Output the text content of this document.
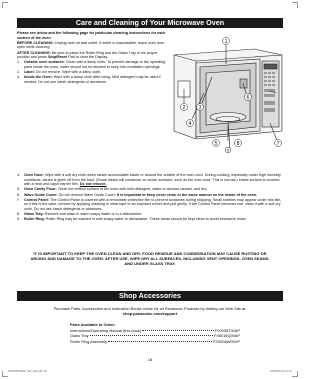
Care and Cleaning of Your Microwave Oven

Please see below and the following page for particular cleaning instructions for each section of the oven.

BEFORE CLEANING: Unplug oven at wall outlet. If outlet is inaccessible, leave oven door open while cleaning.

AFTER CLEANING: Be sure to place the Roller Ring and the Glass Tray in the proper position and press Stop/Reset Pad to clear the Display.

1.	Outside oven surfaces: Clean with a damp cloth. To prevent damage to the operating parts inside the oven, water should not be allowed to seep into ventilation openings.
2.	Label: Do not remove. Wipe with a damp cloth.
3.	Inside the Oven: Wipe with a damp cloth after using. Mild detergent may be used if needed. Do not use harsh detergents or abrasives.
1
7
2	3
4
5
6
8
9
4.	Oven Door: Wipe with a soft dry cloth when steam accumulates inside or around the outside of the oven door. During cooking, especially under high humidity conditions, steam is given off from the food. (Some steam will condense on cooler surfaces, such as the oven door. This is normal.) Inside surface is covered with a heat and vapor barrier film. Do not remove.
5.	Oven Cavity Floor: Clean the bottom surface of the oven with mild detergent, water or window cleaner, and dry.
6.	Wave Guide Cover: Do not remove Wave Guide Cover. It is important to keep cover clean in the same manner as the inside of the oven.
7.	Control Panel: The Control Panel is covered with a removable protective film to prevent scratches during shipping. Small bubbles may appear under this film, so if this is the case, remove by applying masking or clear tape to an exposed corner and pull gently. If the Control Panel becomes wet, clean it with a soft dry cloth. Do not use harsh detergents or abrasives.
8.	Glass Tray: Remove and wash in warm soapy water or in a dishwasher.
9.	Roller Ring: Roller Ring may be washed in mild soapy water or dishwasher. These areas should be kept clean to avoid excessive noise.
IT IS IMPORTANT TO KEEP THE OVEN CLEAN AND DRY. FOOD RESIDUE AND CONDENSATION MAY CAUSE RUSTING OR ARCING AND DAMAGE TO THE OVEN. AFTER USE, WIPE DRY ALL SURFACES, INCLUDING VENT OPENINGS, OVEN SEAMS, AND UNDER GLASS TRAY.
Shop Accessories
Purchase Parts, Accessories and Instruction Books online for all Panasonic Products by visiting our Web Site at:
shop.panasonic.com/support
Parts Available to Order:
Instructions/Operating Manual (this book)	F00038T30AP
Glass Tray	F06015Q00AP
Roller Ring Assembly	F290D6W00XP
16
F00038T30AP_EN_FR.indb 16	2014/01/16 10:21
